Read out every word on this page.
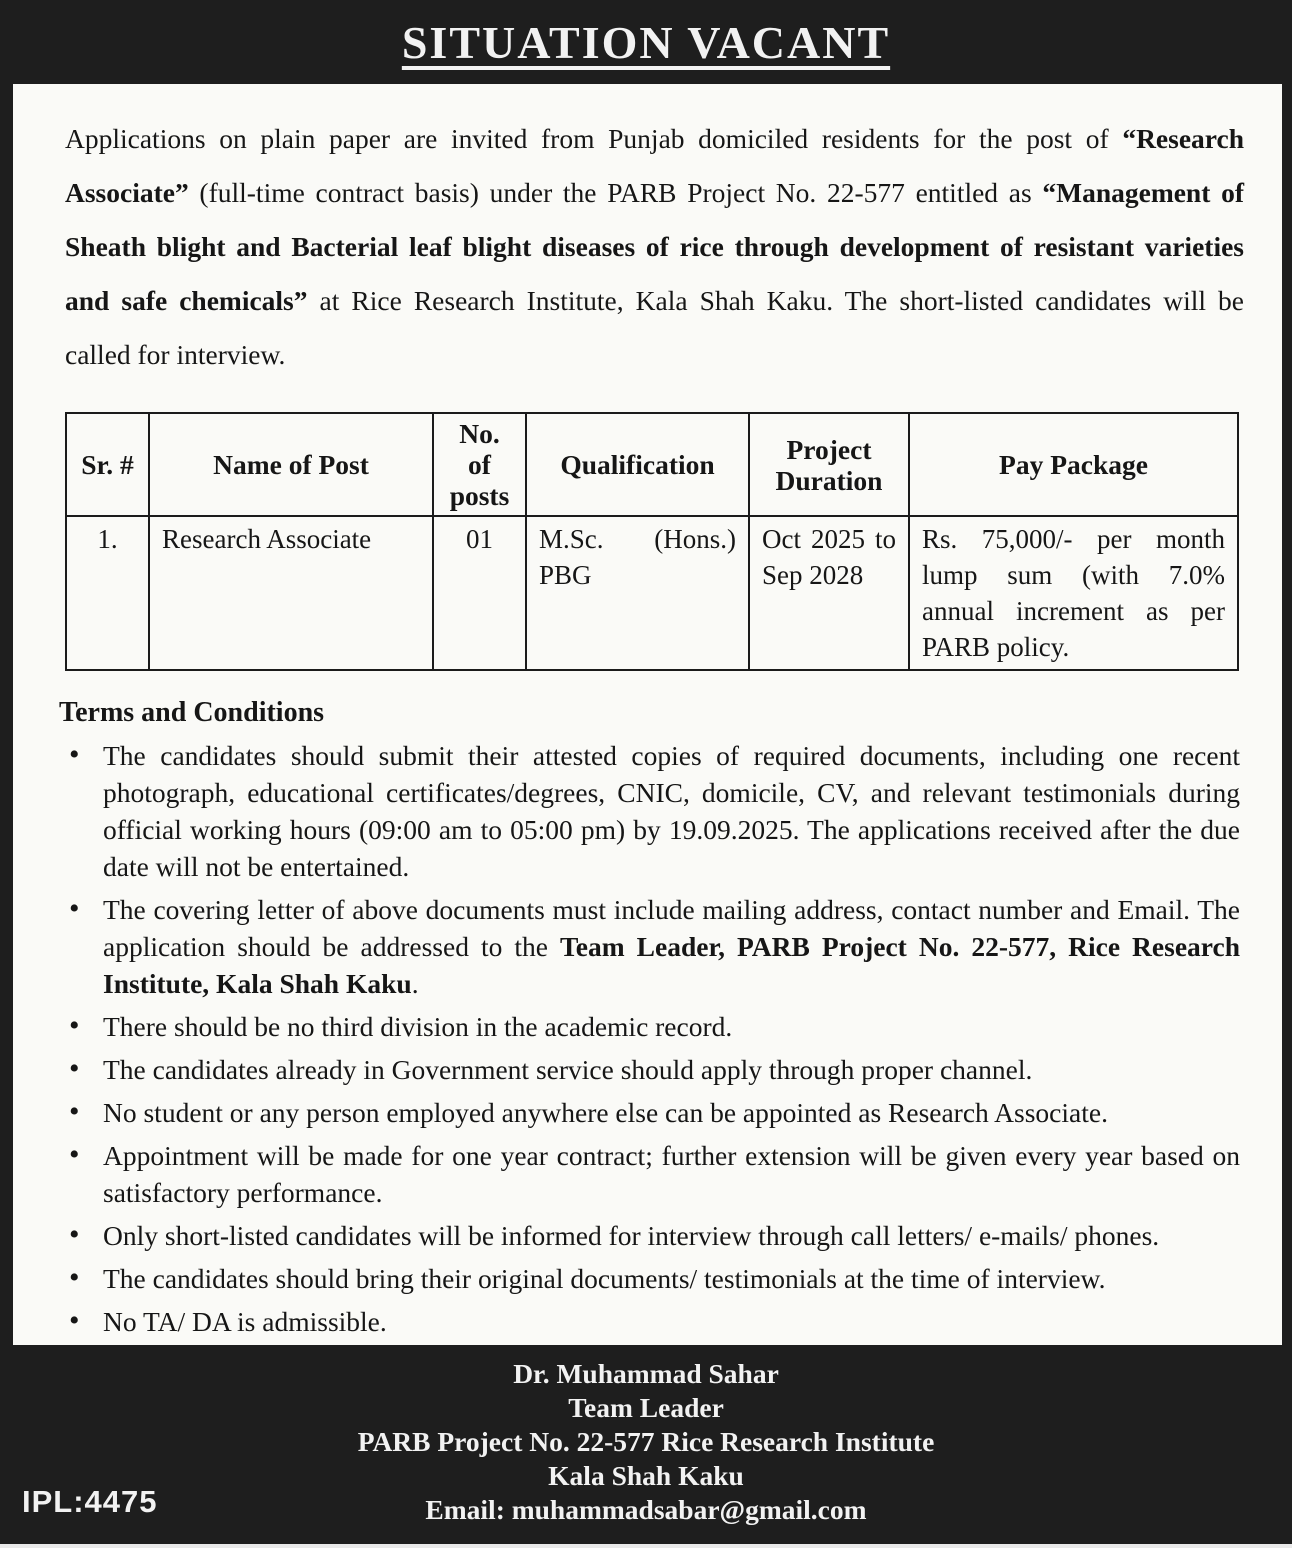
SITUATION VACANT

Applications on plain paper are invited from Punjab domiciled residents for the post of “Research Associate” (full-time contract basis) under the PARB Project No. 22-577 entitled as “Management of Sheath blight and Bacterial leaf blight diseases of rice through development of resistant varieties and safe chemicals” at Rice Research Institute, Kala Shah Kaku. The short-listed candidates will be called for interview.

Sr. #	Name of Post	No. of posts	Qualification	Project Duration	Pay Package
1.	Research Associate	01	M.Sc. (Hons.) PBG	Oct 2025 to Sep 2028	Rs. 75,000/- per month lump sum (with 7.0% annual increment as per PARB policy.
Terms and Conditions
• The candidates should submit their attested copies of required documents, including one recent photograph, educational certificates/degrees, CNIC, domicile, CV, and relevant testimonials during official working hours (09:00 am to 05:00 pm) by 19.09.2025. The applications received after the due date will not be entertained.
• The covering letter of above documents must include mailing address, contact number and Email. The application should be addressed to the Team Leader, PARB Project No. 22-577, Rice Research Institute, Kala Shah Kaku.
• There should be no third division in the academic record.
• The candidates already in Government service should apply through proper channel.
• No student or any person employed anywhere else can be appointed as Research Associate.
• Appointment will be made for one year contract; further extension will be given every year based on satisfactory performance.
• Only short-listed candidates will be informed for interview through call letters/ e-mails/ phones.
• The candidates should bring their original documents/ testimonials at the time of interview.
• No TA/ DA is admissible.
Dr. Muhammad Sahar
Team Leader
PARB Project No. 22-577 Rice Research Institute
Kala Shah Kaku
Email: muhammadsabar@gmail.com
IPL:4475
